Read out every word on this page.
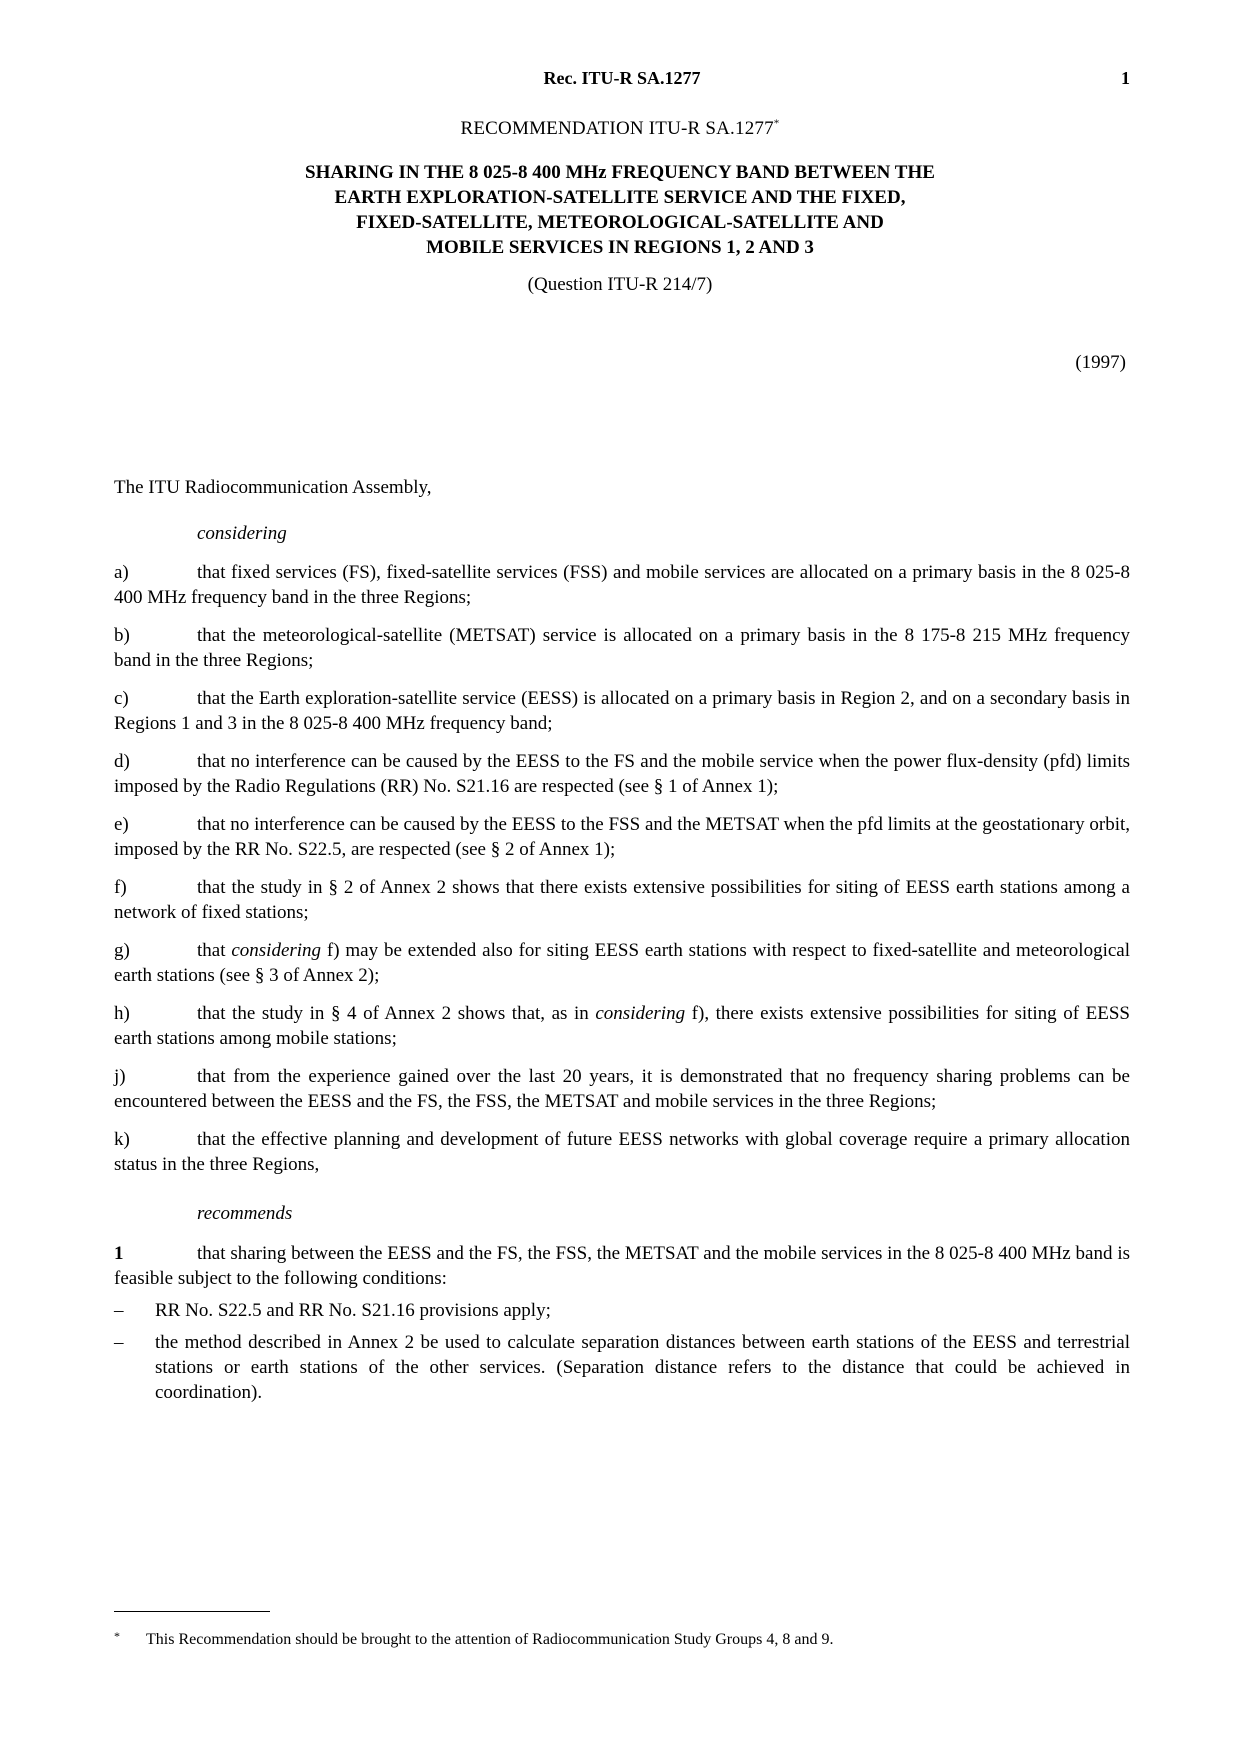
Rec. ITU-R SA.1277	1
RECOMMENDATION ITU-R SA.1277*
SHARING IN THE 8 025-8 400 MHz FREQUENCY BAND BETWEEN THE
EARTH EXPLORATION-SATELLITE SERVICE AND THE FIXED,
FIXED-SATELLITE, METEOROLOGICAL-SATELLITE AND
MOBILE SERVICES IN REGIONS 1, 2 AND 3
(Question ITU-R 214/7)
(1997)
The ITU Radiocommunication Assembly,
considering

a)	that fixed services (FS), fixed-satellite services (FSS) and mobile services are allocated on a primary basis in the 8 025-8 400 MHz frequency band in the three Regions;

b)	that the meteorological-satellite (METSAT) service is allocated on a primary basis in the 8 175-8 215 MHz frequency band in the three Regions;

c)	that the Earth exploration-satellite service (EESS) is allocated on a primary basis in Region 2, and on a secondary basis in Regions 1 and 3 in the 8 025-8 400 MHz frequency band;

d)	that no interference can be caused by the EESS to the FS and the mobile service when the power flux-density (pfd) limits imposed by the Radio Regulations (RR) No. S21.16 are respected (see § 1 of Annex 1);

e)	that no interference can be caused by the EESS to the FSS and the METSAT when the pfd limits at the geostationary orbit, imposed by the RR No. S22.5, are respected (see § 2 of Annex 1);

f)	that the study in § 2 of Annex 2 shows that there exists extensive possibilities for siting of EESS earth stations among a network of fixed stations;

g)	that considering f) may be extended also for siting EESS earth stations with respect to fixed-satellite and meteorological earth stations (see § 3 of Annex 2);

h)	that the study in § 4 of Annex 2 shows that, as in considering f), there exists extensive possibilities for siting of EESS earth stations among mobile stations;

j)	that from the experience gained over the last 20 years, it is demonstrated that no frequency sharing problems can be encountered between the EESS and the FS, the FSS, the METSAT and mobile services in the three Regions;

k)	that the effective planning and development of future EESS networks with global coverage require a primary allocation status in the three Regions,

recommends

1	that sharing between the EESS and the FS, the FSS, the METSAT and the mobile services in the 8 025-8 400 MHz band is feasible subject to the following conditions:

– RR No. S22.5 and RR No. S21.16 provisions apply;

– the method described in Annex 2 be used to calculate separation distances between earth stations of the EESS and terrestrial stations or earth stations of the other services. (Separation distance refers to the distance that could be achieved in coordination).

* This Recommendation should be brought to the attention of Radiocommunication Study Groups 4, 8 and 9.
